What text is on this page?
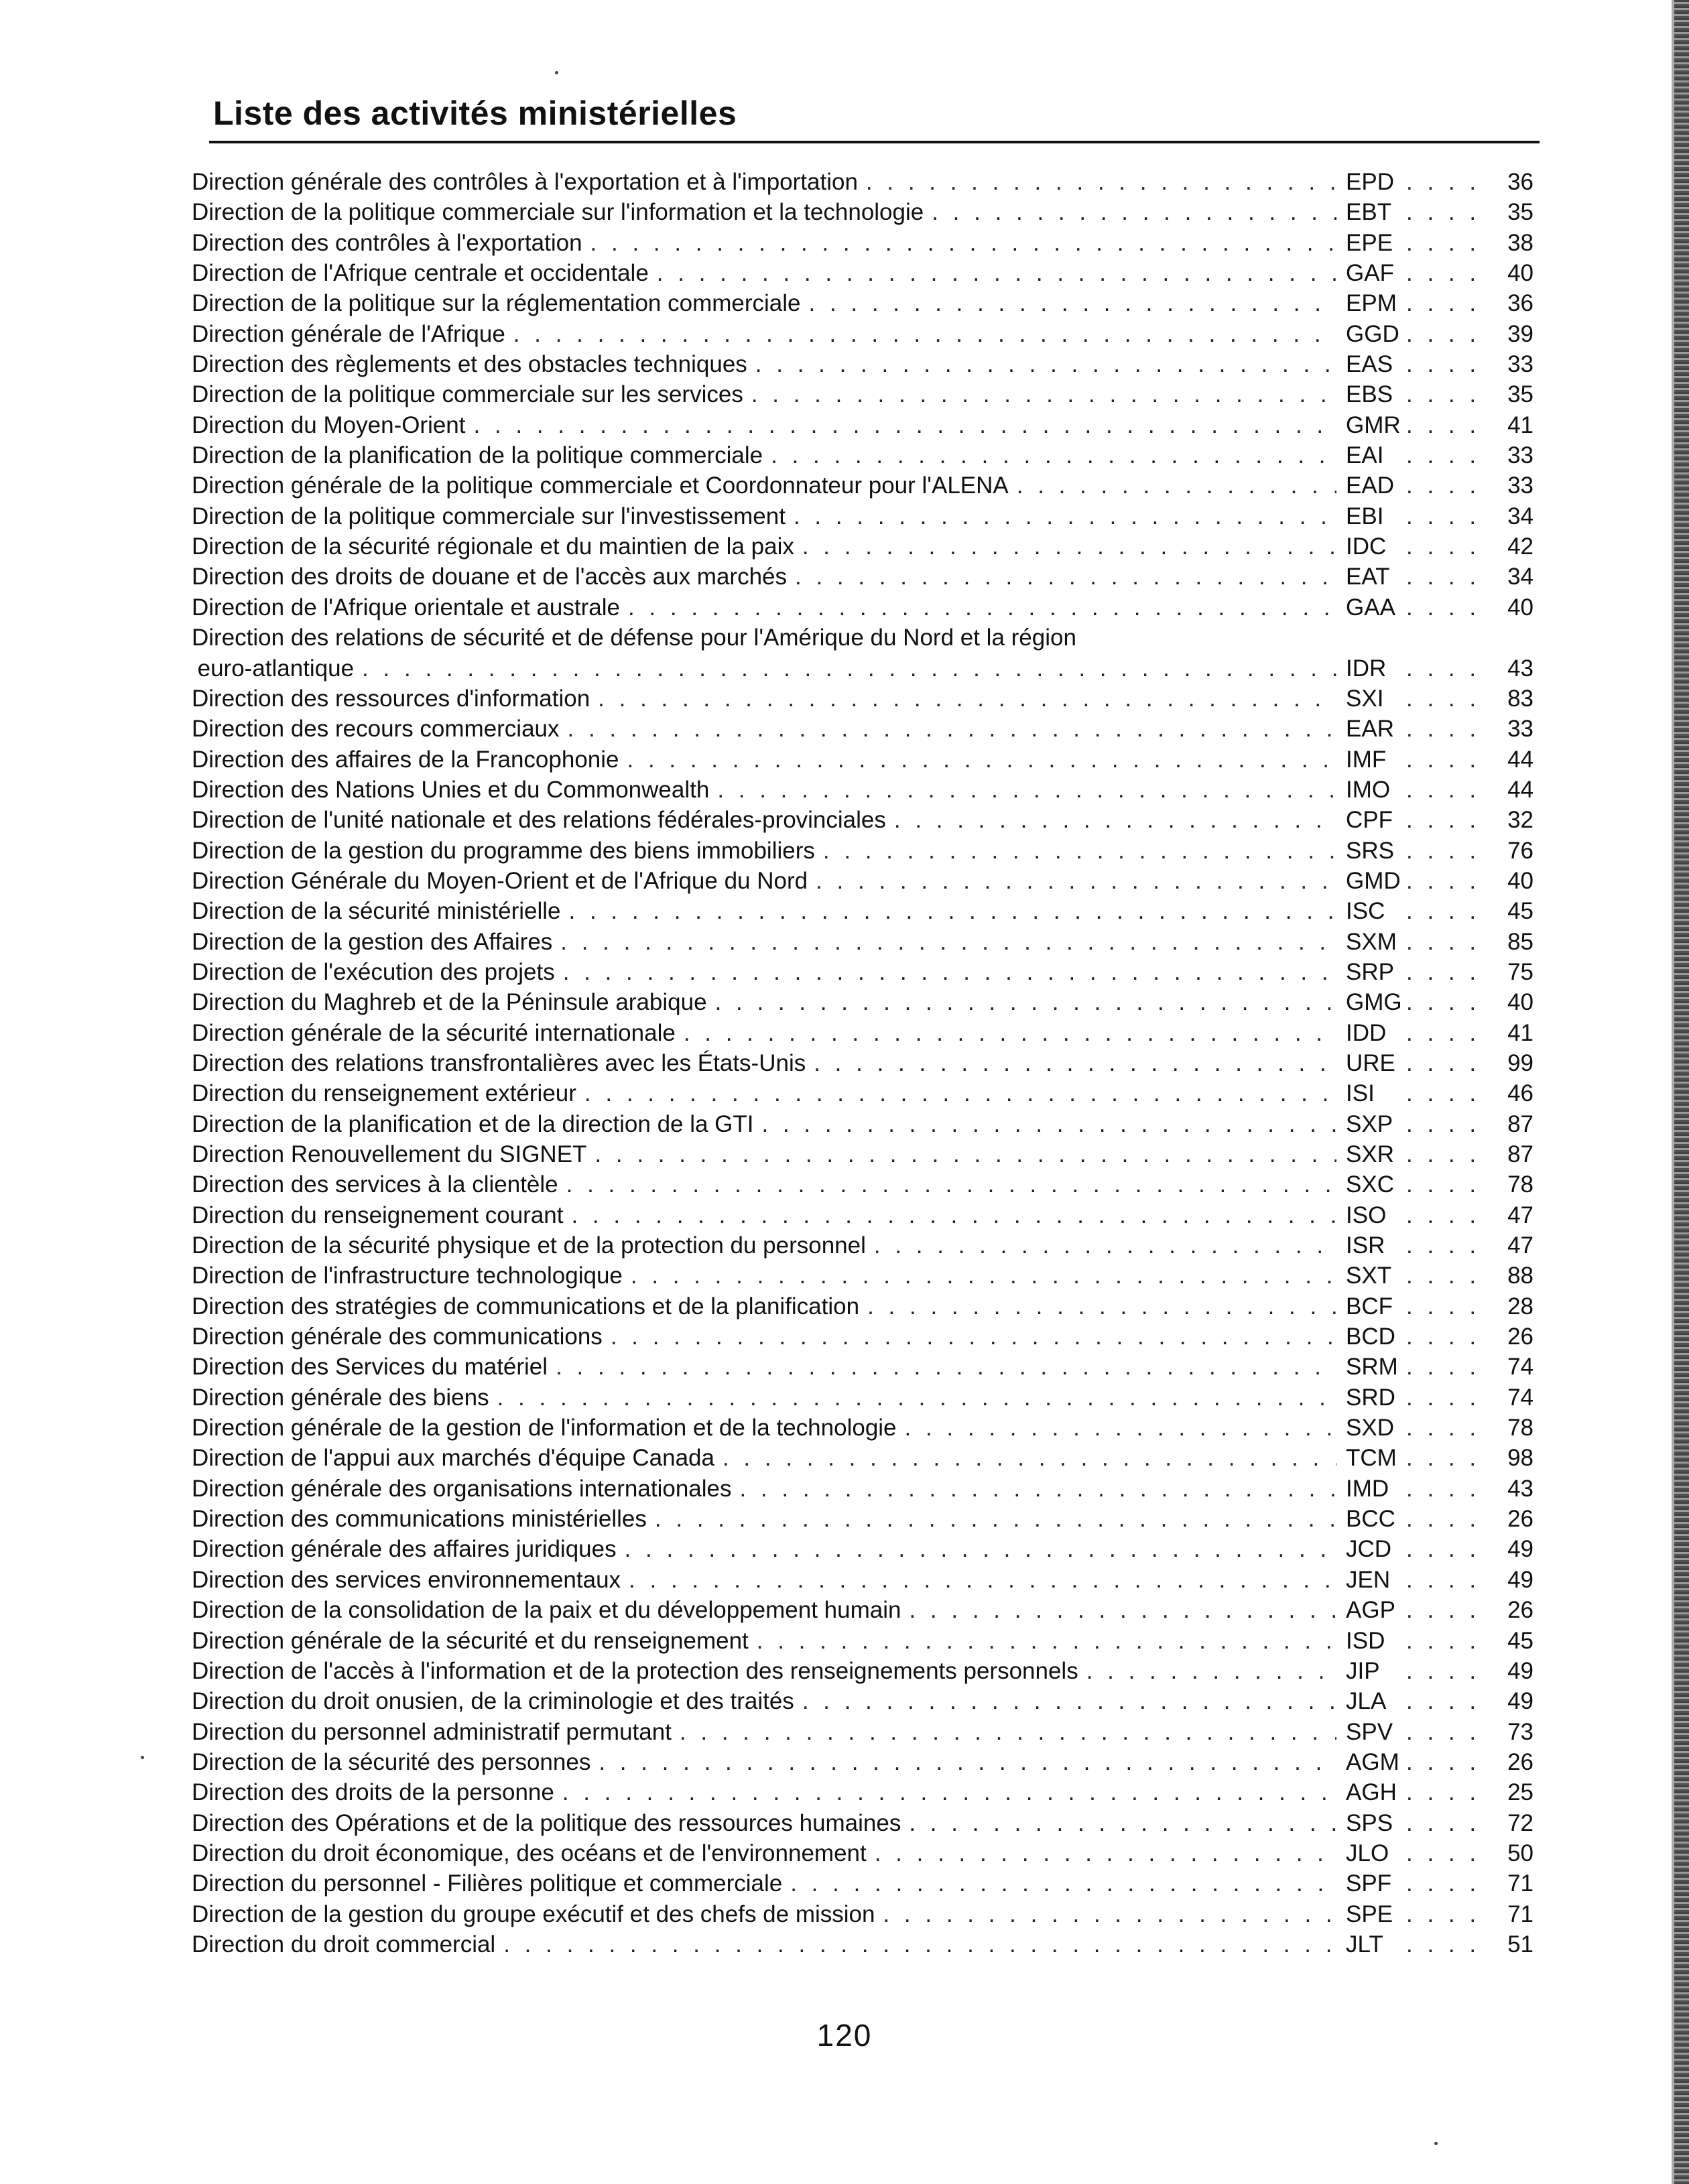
Liste des activités ministérielles
Direction générale des contrôles à l'exportation et à l'importation . . .	EPD . . .	36
Direction de la politique commerciale sur l'information et la technologie . . .	EBT . . .	35
Direction des contrôles à l'exportation . . .	EPE . . .	38
Direction de l'Afrique centrale et occidentale . . .	GAF . . .	40
Direction de la politique sur la réglementation commerciale . . .	EPM . . .	36
Direction générale de l'Afrique . . .	GGD . . .	39
Direction des règlements et des obstacles techniques . . .	EAS . . .	33
Direction de la politique commerciale sur les services . . .	EBS . . .	35
Direction du Moyen-Orient . . .	GMR . . .	41
Direction de la planification de la politique commerciale . . .	EAI . . .	33
Direction générale de la politique commerciale et Coordonnateur pour l'ALENA . . .	EAD . . .	33
Direction de la politique commerciale sur l'investissement . . .	EBI . . .	34
Direction de la sécurité régionale et du maintien de la paix . . .	IDC . . .	42
Direction des droits de douane et de l'accès aux marchés . . .	EAT . . .	34
Direction de l'Afrique orientale et australe . . .	GAA . . .	40
Direction des relations de sécurité et de défense pour l'Amérique du Nord et la région
euro-atlantique . . .	IDR . . .	43
Direction des ressources d'information . . .	SXI . . .	83
Direction des recours commerciaux . . .	EAR . . .	33
Direction des affaires de la Francophonie . . .	IMF . . .	44
Direction des Nations Unies et du Commonwealth . . .	IMO . . .	44
Direction de l'unité nationale et des relations fédérales-provinciales . . .	CPF . . .	32
Direction de la gestion du programme des biens immobiliers . . .	SRS . . .	76
Direction Générale du Moyen-Orient et de l'Afrique du Nord . . .	GMD . . .	40
Direction de la sécurité ministérielle . . .	ISC . . .	45
Direction de la gestion des Affaires . . .	SXM . . .	85
Direction de l'exécution des projets . . .	SRP . . .	75
Direction du Maghreb et de la Péninsule arabique . . .	GMG . . .	40
Direction générale de la sécurité internationale . . .	IDD . . .	41
Direction des relations transfrontalières avec les États-Unis . . .	URE . . .	99
Direction du renseignement extérieur . . .	ISI . . .	46
Direction de la planification et de la direction de la GTI . . .	SXP . . .	87
Direction Renouvellement du SIGNET . . .	SXR . . .	87
Direction des services à la clientèle . . .	SXC . . .	78
Direction du renseignement courant . . .	ISO . . .	47
Direction de la sécurité physique et de la protection du personnel . . .	ISR . . .	47
Direction de l'infrastructure technologique . . .	SXT . . .	88
Direction des stratégies de communications et de la planification . . .	BCF . . .	28
Direction générale des communications . . .	BCD . . .	26
Direction des Services du matériel . . .	SRM . . .	74
Direction générale des biens . . .	SRD . . .	74
Direction générale de la gestion de l'information et de la technologie . . .	SXD . . .	78
Direction de l'appui aux marchés d'équipe Canada . . .	TCM . . .	98
Direction générale des organisations internationales . . .	IMD . . .	43
Direction des communications ministérielles . . .	BCC . . .	26
Direction générale des affaires juridiques . . .	JCD . . .	49
Direction des services environnementaux . . .	JEN . . .	49
Direction de la consolidation de la paix et du développement humain . . .	AGP . . .	26
Direction générale de la sécurité et du renseignement . . .	ISD . . .	45
Direction de l'accès à l'information et de la protection des renseignements personnels . . .	JIP . . .	49
Direction du droit onusien, de la criminologie et des traités . . .	JLA . . .	49
Direction du personnel administratif permutant . . .	SPV . . .	73
Direction de la sécurité des personnes . . .	AGM . . .	26
Direction des droits de la personne . . .	AGH . . .	25
Direction des Opérations et de la politique des ressources humaines . . .	SPS . . .	72
Direction du droit économique, des océans et de l'environnement . . .	JLO . . .	50
Direction du personnel - Filières politique et commerciale . . .	SPF . . .	71
Direction de la gestion du groupe exécutif et des chefs de mission . . .	SPE . . .	71
Direction du droit commercial . . .	JLT . . .	51
120
